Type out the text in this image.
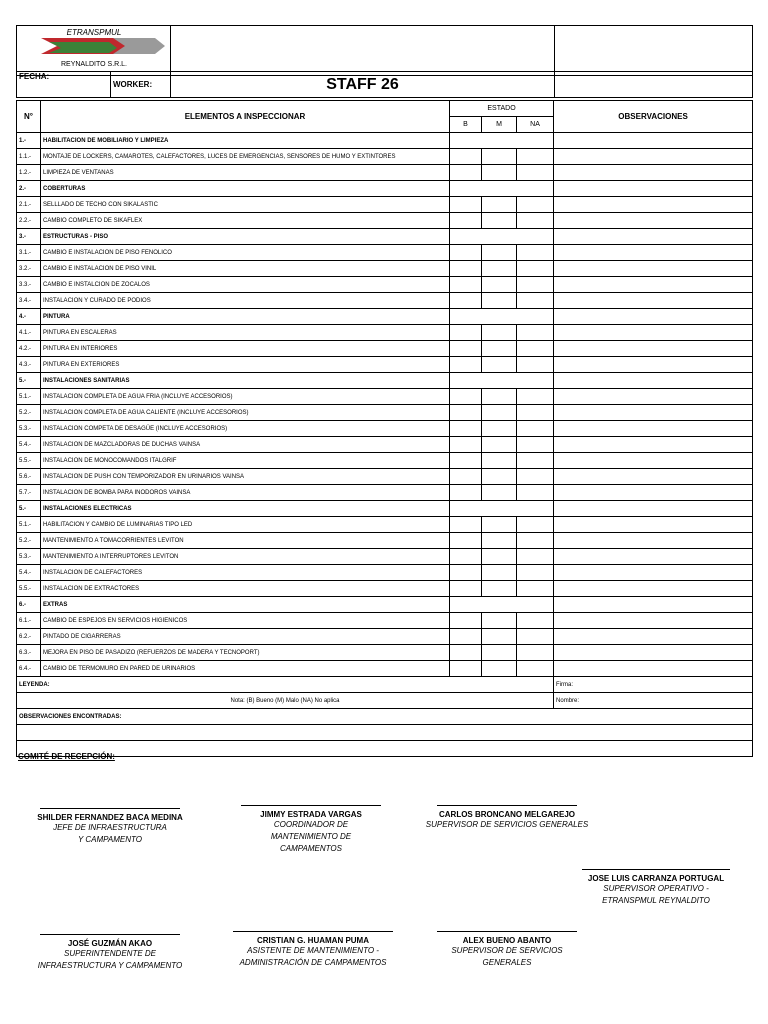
ETRANSPMUL
REYNALDITO S.R.L.

FECHA:	WORKER:	STAFF 26	
N°	ELEMENTOS A INSPECCIONAR	ESTADO			OBSERVACIONES
		B	M	NA	
1.-	HABILITACION DE MOBILIARIO Y LIMPIEZA				
1.1.-	MONTAJE DE LOCKERS, CAMAROTES, CALEFACTORES, LUCES DE EMERGENCIAS, SENSORES DE HUMO Y EXTINTORES				
1.2.-	LIMPIEZA DE VENTANAS				
2.-	COBERTURAS				
2.1.-	SELLLADO DE TECHO CON SIKALASTIC				
2.2.-	CAMBIO COMPLETO DE SIKAFLEX				
3.-	ESTRUCTURAS - PISO				
3.1.-	CAMBIO E INSTALACION DE PISO FENOLICO				
3.2.-	CAMBIO E INSTALACION DE PISO VINIL				
3.3.-	CAMBIO E INSTALCION DE ZOCALOS				
3.4.-	INSTALACION Y CURADO DE PODIOS				
4.-	PINTURA				
4.1.-	PINTURA EN ESCALERAS				
4.2.-	PINTURA EN INTERIORES				
4.3.-	PINTURA EN EXTERIORES				
5.-	INSTALACIONES SANITARIAS				
5.1.-	INSTALACION COMPLETA DE AGUA FRIA (INCLUYE ACCESORIOS)				
5.2.-	INSTALACION COMPLETA DE AGUA CALIENTE (INCLUYE ACCESORIOS)				
5.3.-	INSTALACION COMPETA DE DESAGÜE (INCLUYE ACCESORIOS)				
5.4.-	INSTALACION DE MAZCLADORAS DE DUCHAS VAINSA				
5.5.-	INSTALACION DE MONOCOMANDOS ITALGRIF				
5.6.-	INSTALACION DE PUSH CON TEMPORIZADOR EN URINARIOS VAINSA				
5.7.-	INSTALACION DE BOMBA PARA INODOROS VAINSA				
5.-	INSTALACIONES ELECTRICAS				
5.1.-	HABILITACION Y CAMBIO DE LUMINARIAS TIPO LED				
5.2.-	MANTENIMIENTO A TOMACORRIENTES LEVITON				
5.3.-	MANTENIMIENTO A INTERRUPTORES LEVITON				
5.4.-	INSTALACION DE CALEFACTORES				
5.5.-	INSTALACION DE EXTRACTORES				
6.-	EXTRAS				
6.1.-	CAMBIO DE ESPEJOS EN SERVICIOS HIGIENICOS				
6.2.-	PINTADO DE CIGARRERAS				
6.3.-	MEJORA EN PISO DE PASADIZO (REFUERZOS DE MADERA Y TECNOPORT)				
6.4.-	CAMBIO DE TERMOMURO EN PARED DE URINARIOS				
LEYENDA:					Firma:
Nota: (B) Bueno (M) Malo (NA) No aplica					Nombre:
OBSERVACIONES ENCONTRADAS:					

COMITÉ DE RECEPCIÓN:
SHILDER FERNANDEZ BACA MEDINA
JEFE DE INFRAESTRUCTURA Y CAMPAMENTO
JIMMY ESTRADA VARGAS
COORDINADOR DE MANTENIMIENTO DE CAMPAMENTOS
CARLOS BRONCANO MELGAREJO
SUPERVISOR DE SERVICIOS GENERALES
JOSE LUIS CARRANZA PORTUGAL
SUPERVISOR OPERATIVO - ETRANSPMUL REYNALDITO
JOSÉ GUZMÁN AKAO
SUPERINTENDENTE DE INFRAESTRUCTURA Y CAMPAMENTO
CRISTIAN G. HUAMAN PUMA
ASISTENTE DE MANTENIMIENTO - ADMINISTRACIÓN DE CAMPAMENTOS
ALEX BUENO ABANTO
SUPERVISOR DE SERVICIOS GENERALES
